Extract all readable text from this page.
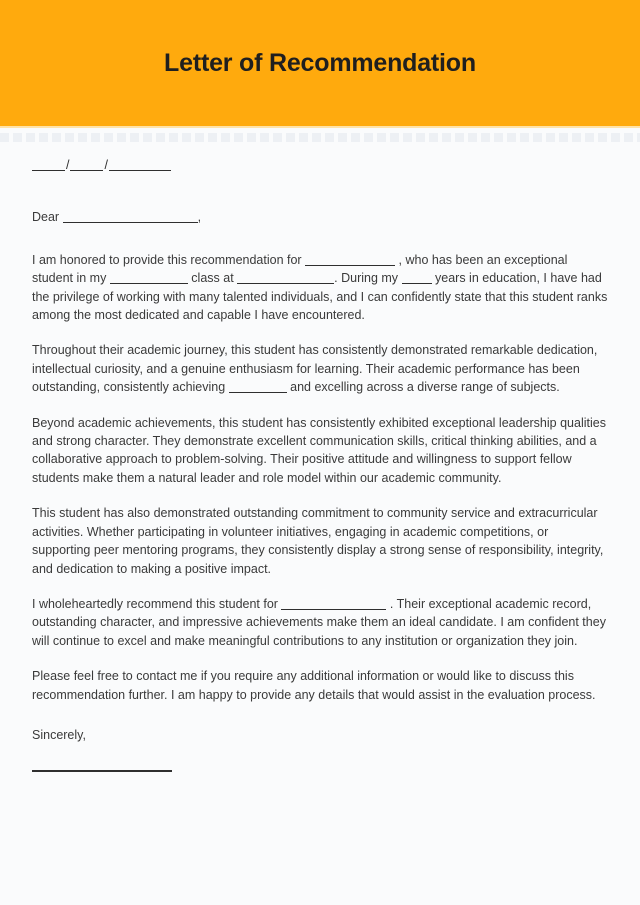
Letter of Recommendation
/	/
Dear	,

I am honored to provide this recommendation for	, who has been an exceptional student in my	class at	. During my  years in education, I have had the privilege of working with many talented individuals, and I can confidently state that this student ranks among the most dedicated and capable I have encountered.

Throughout their academic journey, this student has consistently demonstrated remarkable dedication, intellectual curiosity, and a genuine enthusiasm for learning. Their academic performance has been outstanding, consistently achieving	and excelling across a diverse range of subjects.

Beyond academic achievements, this student has consistently exhibited exceptional leadership qualities and strong character. They demonstrate excellent communication skills, critical thinking abilities, and a collaborative approach to problem-solving. Their positive attitude and willingness to support fellow students make them a natural leader and role model within our academic community.

This student has also demonstrated outstanding commitment to community service and extracurricular activities. Whether participating in volunteer initiatives, engaging in academic competitions, or supporting peer mentoring programs, they consistently display a strong sense of responsibility, integrity, and dedication to making a positive impact.

I wholeheartedly recommend this student for	. Their exceptional academic record, outstanding character, and impressive achievements make them an ideal candidate. I am confident they will continue to excel and make meaningful contributions to any institution or organization they join.

Please feel free to contact me if you require any additional information or would like to discuss this recommendation further. I am happy to provide any details that would assist in the evaluation process.

Sincerely,
